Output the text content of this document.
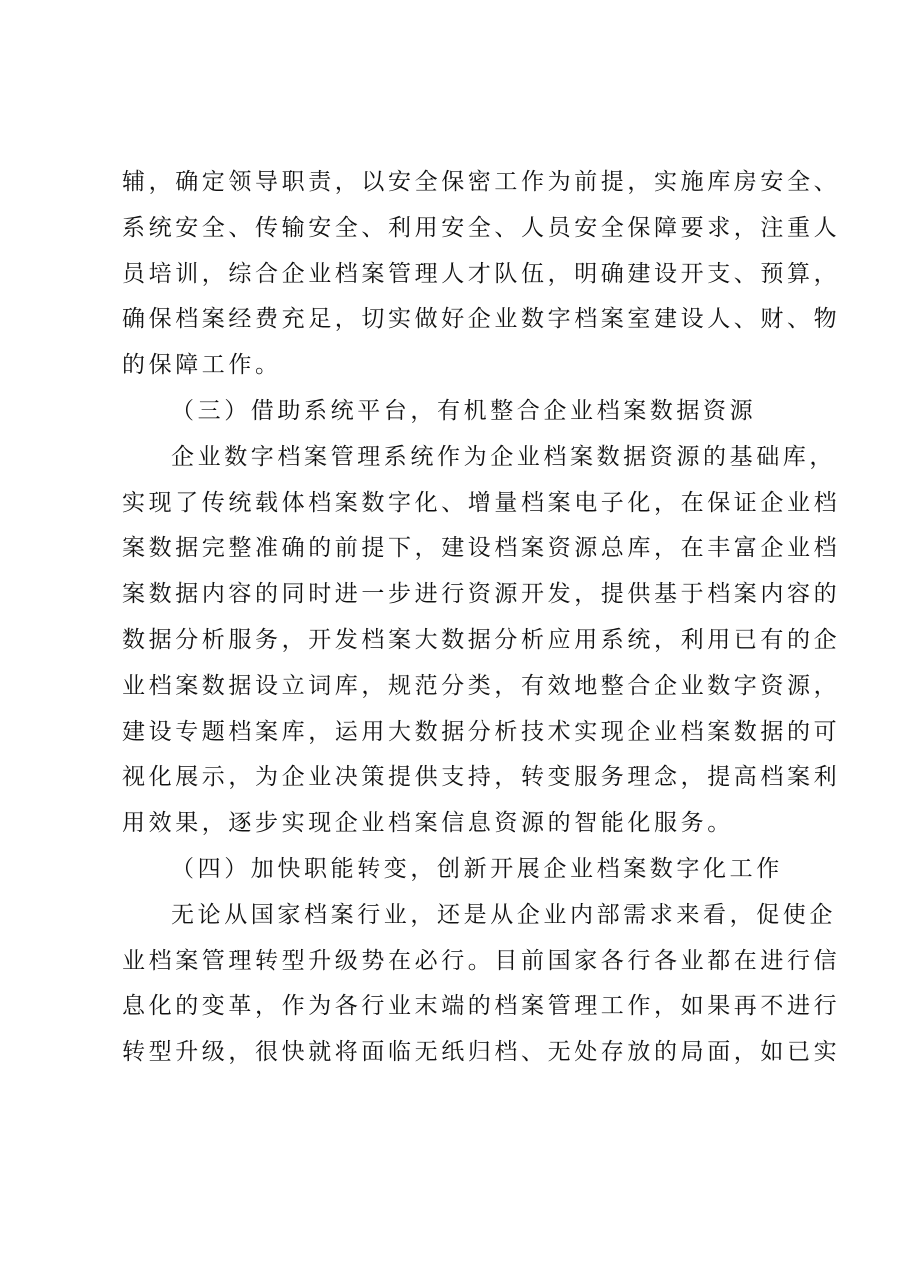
辅，确定领导职责，以安全保密工作为前提，实施库房安全、
系统安全、传输安全、利用安全、人员安全保障要求，注重人
员培训，综合企业档案管理人才队伍，明确建设开支、预算，
确保档案经费充足，切实做好企业数字档案室建设人、财、物
的保障工作。

（三）借助系统平台，有机整合企业档案数据资源

企业数字档案管理系统作为企业档案数据资源的基础库，
实现了传统载体档案数字化、增量档案电子化，在保证企业档
案数据完整准确的前提下，建设档案资源总库，在丰富企业档
案数据内容的同时进一步进行资源开发，提供基于档案内容的
数据分析服务，开发档案大数据分析应用系统，利用已有的企
业档案数据设立词库，规范分类，有效地整合企业数字资源，
建设专题档案库，运用大数据分析技术实现企业档案数据的可
视化展示，为企业决策提供支持，转变服务理念，提高档案利
用效果，逐步实现企业档案信息资源的智能化服务。

（四）加快职能转变，创新开展企业档案数字化工作

无论从国家档案行业，还是从企业内部需求来看，促使企
业档案管理转型升级势在必行。目前国家各行各业都在进行信
息化的变革，作为各行业末端的档案管理工作，如果再不进行
转型升级，很快就将面临无纸归档、无处存放的局面，如已实
